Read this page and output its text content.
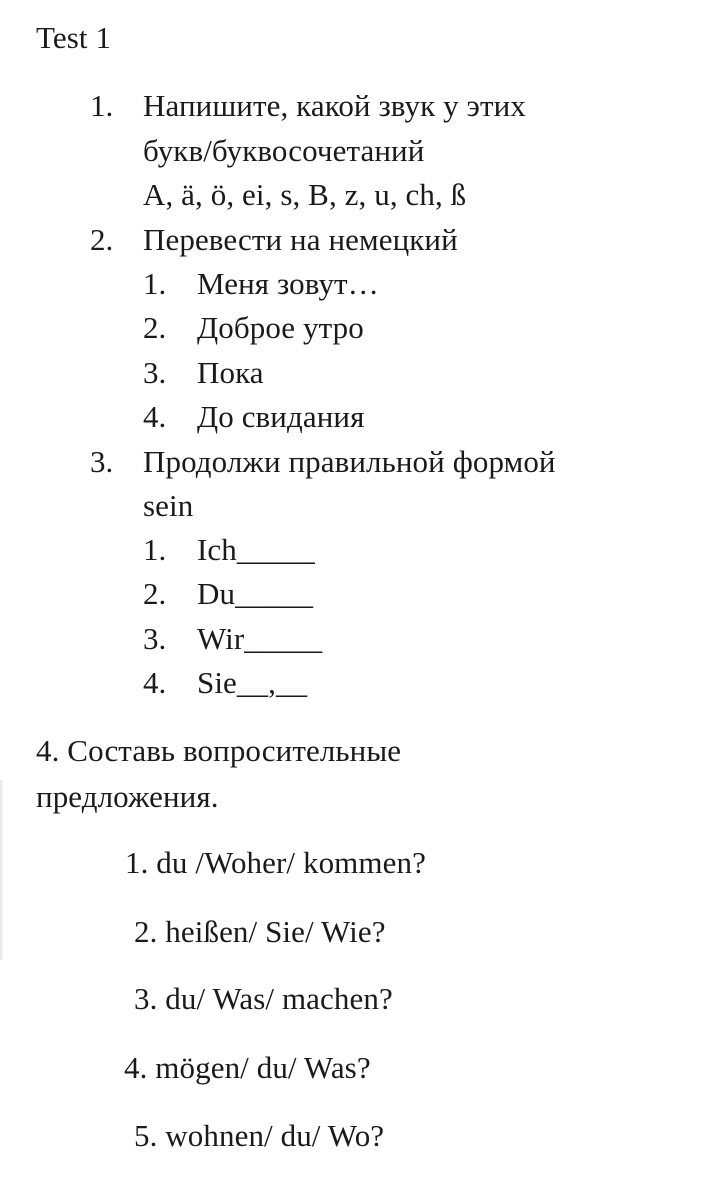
Test 1
1. Напишите, какой звук у этих
букв/буквосочетаний
A, ä, ö, ei, s, B, z, u, ch, ß
2. Перевести на немецкий
1. Меня зовут…
2. Доброе утро
3. Пока
4. До свидания
3. Продолжи правильной формой
sein
1. Ich_____
2. Du_____
3. Wir_____
4. Sie__,__
4. Составь вопросительные
предложения.
1. du /Woher/ kommen?
2. heißen/ Sie/ Wie?
3. du/ Was/ machen?
4. mögen/ du/ Was?
5. wohnen/ du/ Wo?
